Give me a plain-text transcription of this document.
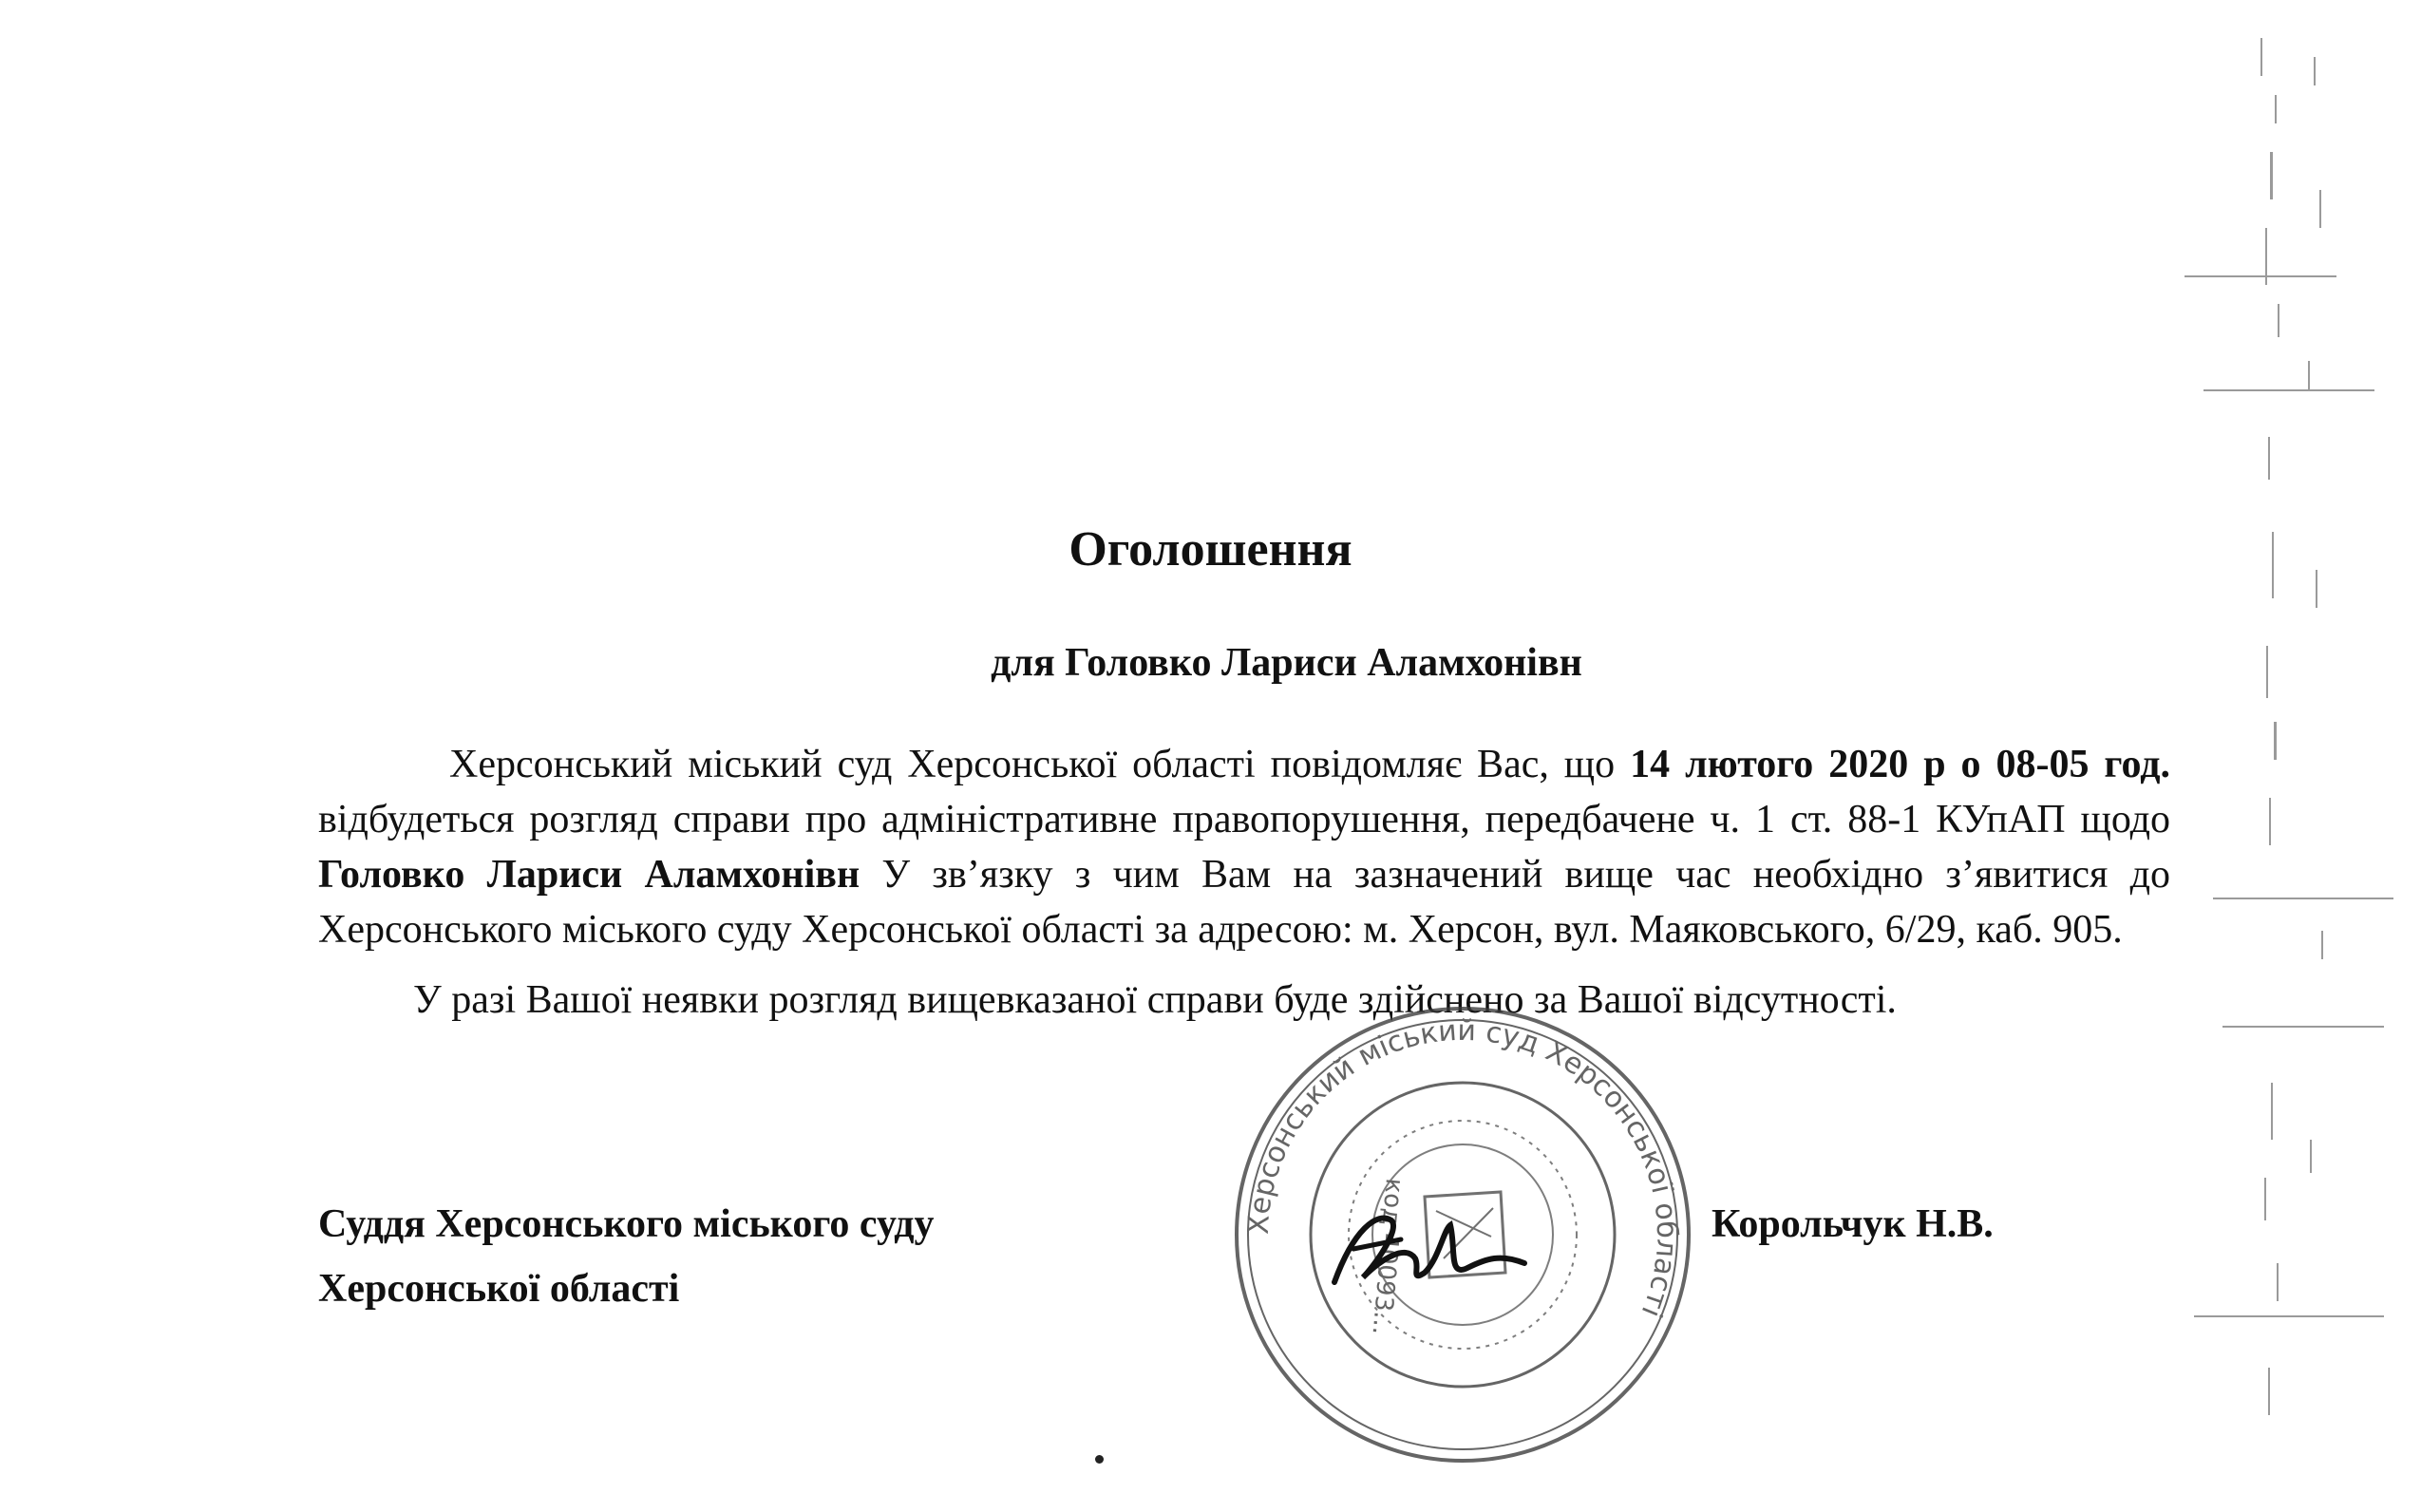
Оголошення
для Головко Лариси Аламхонівн

Херсонський міський суд Херсонської області повідомляє Вас, що 14 лютого 2020 р о 08-05 год. відбудеться розгляд справи про адміністративне правопорушення, передбачене ч. 1 ст. 88-1 КУпАП щодо Головко Лариси Аламхонівн У зв’язку з чим Вам на зазначений вище час необхідно з’явитися до Херсонського міського суду Херсонської області за адресою: м. Херсон, вул. Маяковського, 6/29, каб. 905.

У разі Вашої неявки розгляд вищевказаної справи буде здійснено за Вашої відсутності.

Суддя Херсонського міського суду
Херсонської області
Корольчук Н.В.
Херсонський міський суд Херсонської області
код 40093...
